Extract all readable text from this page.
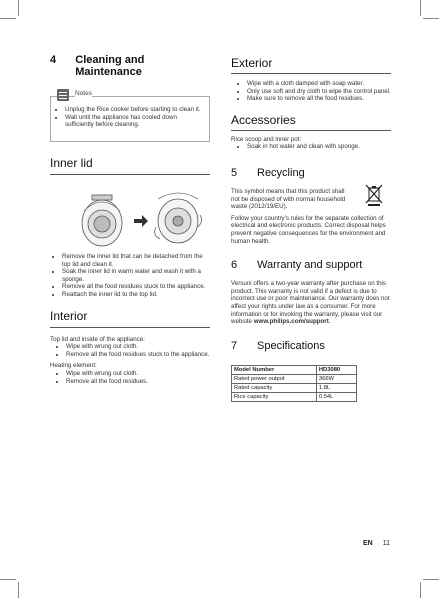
4	Cleaning and Maintenance
Notes
• Unplug the Rice cooker before starting to clean it.
• Wait until the appliance has cooled down sufficiently before cleaning.
Inner lid
• Remove the inner lid that can be detached from the top lid and clean it.
• Soak the inner lid in warm water and wash it with a sponge.
• Remove all the food residues stuck to the appliance.
• Reattach the inner lid to the top lid.
Interior
Top lid and inside of the appliance:
• Wipe with wrung out cloth.
• Remove all the food residues stuck to the appliance.
Heating element:
• Wipe with wrung out cloth.
• Remove all the food residues.
Exterior
• Wipe with a cloth damped with soap water.
• Only use soft and dry cloth to wipe the control panel.
• Make sure to remove all the food residues.
Accessories
Rice scoop and inner pot:
• Soak in hot water and clean with sponge.
5	Recycling
This symbol means that this product shall not be disposed of with normal household waste (2012/19/EU).
Follow your country's rules for the separate collection of electrical and electronic products. Correct disposal helps prevent negative consequences for the environment and human health.
6	Warranty and support
Versuni offers a two-year warranty after purchase on this product. This warranty is not valid if a defect is due to incorrect use or poor maintenance. Our warranty does not affect your rights under law as a consumer. For more information or for invoking the warranty, please visit our website www.philips.com/support.
7	Specifications
Model Number	HD3080
Rated power output	366W
Rated capacity	1.8L
Rice capacity	0.54L
EN 11
